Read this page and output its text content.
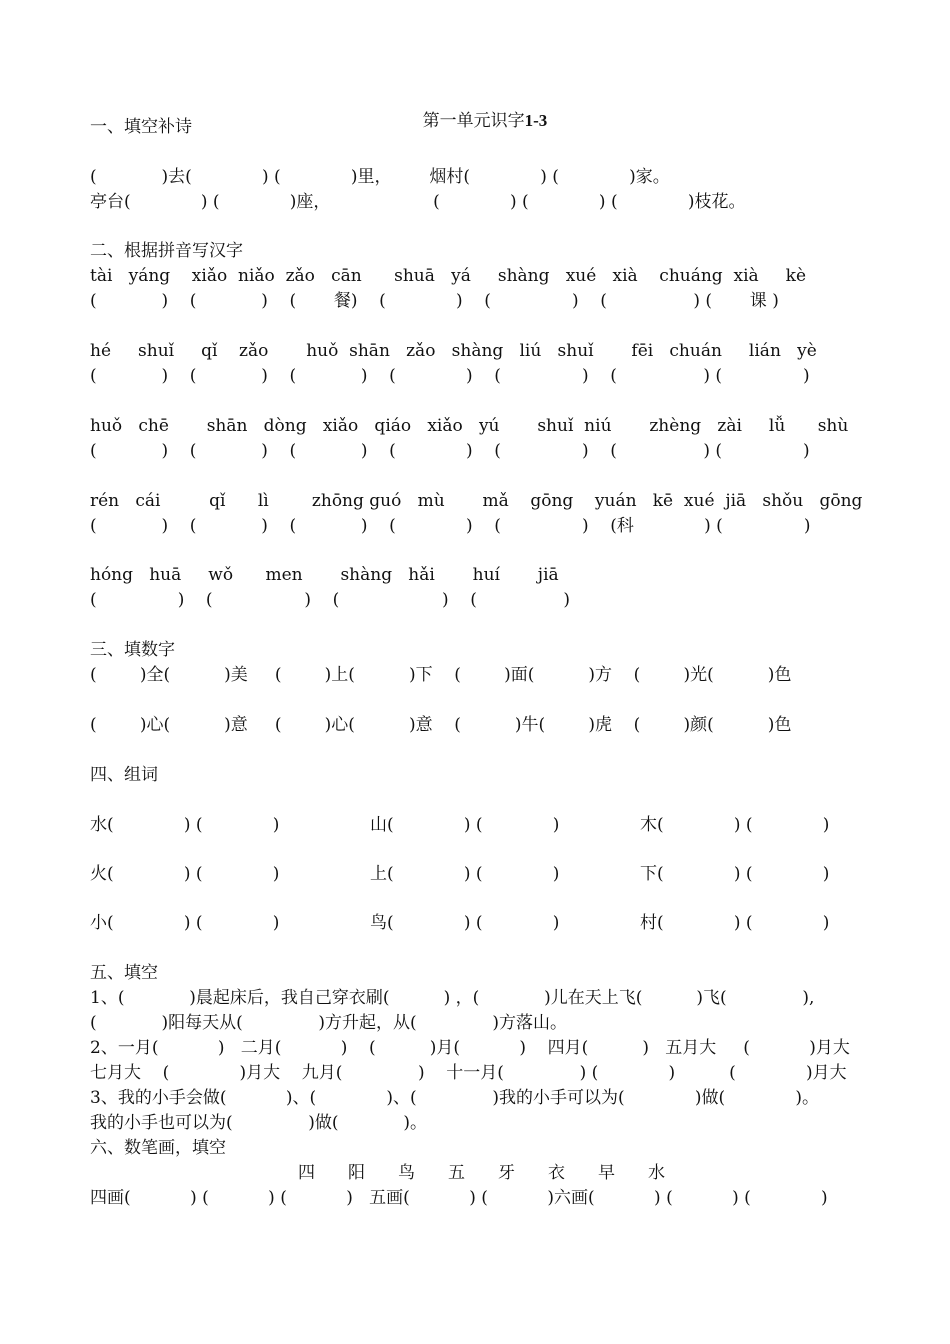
第一单元识字1-3

一、填空补诗
(            )去(             ) (             )里，       烟村(             ) (             )家。
亭台(             ) (             )座，                   (             ) (             ) (             )枝花。
二、根据拼音写汉字
tài   yáng    xiǎo  niǎo  zǎo   cān      shuā   yá     shàng   xué   xià    chuáng  xià     kè
(            )    (            )    (       餐)    (             )    (               )    (                ) (       课 )
hé     shuǐ     qǐ    zǎo       huǒ  shān   zǎo   shàng   liú   shuǐ       fēi   chuán     lián   yè
(            )    (            )    (            )    (             )    (               )    (                ) (               )
huǒ   chē       shān   dòng   xiǎo   qiáo   xiǎo   yú       shuǐ  niú       zhèng   zài     lǚ      shù
(            )    (            )    (            )    (             )    (               )    (                ) (               )
rén   cái         qǐ      lì        zhōng guó   mù       mǎ    gōng    yuán   kē  xué  jiā   shǒu   gōng
(            )    (            )    (            )    (             )    (               )    (科             ) (               )
hóng   huā     wǒ      men       shàng   hǎi       huí       jiā
(               )    (                 )    (                   )    (                )
三、填数字
(        )全(          )美     (        )上(          )下    (        )面(          )方    (        )光(          )色
(        )心(          )意     (        )心(          )意    (          )牛(        )虎    (        )颜(          )色
四、组词
水(             ) (             )	山(             ) (             )	木(             ) (             )
火(             ) (             )	上(             ) (             )	下(             ) (             )
小(             ) (             )	鸟(             ) (             )	村(             ) (             )
五、填空
1、(            )晨起床后，我自己穿衣刷(          ) ，(            )儿在天上飞(          )飞(              ),
(            )阳每天从(              )方升起，从(              )方落山。
2、一月(           )   二月(           )    (          )月(           )    四月(          )   五月大     (           )月大
七月大    (             )月大    九月(              )    十一月(              ) (             )          (             )月大
3、我的小手会做(           )、(             )、(              )我的小手可以为(             )做(             )。
我的小手也可以为(              )做(            )。
六、数笔画，填空
四 阳 鸟 五 牙 衣 早 水
四画(           ) (           ) (           )   五画(           ) (           )六画(           ) (           ) (             )
